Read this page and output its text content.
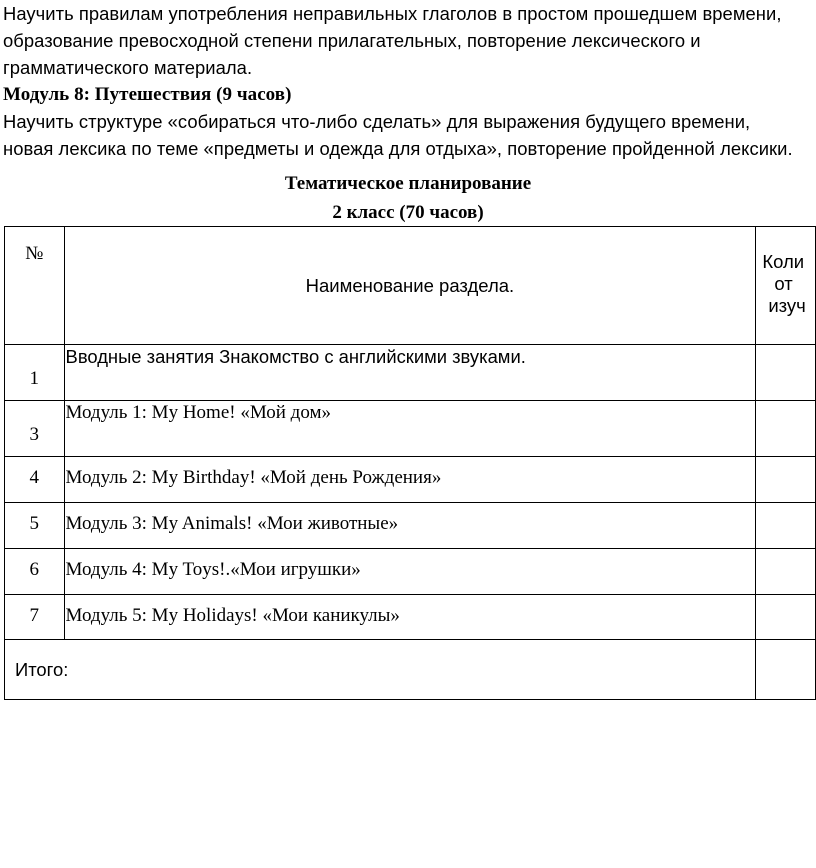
Научить правилам употребления неправильных глаголов в простом прошедшем времени,

образование превосходной степени прилагательных, повторение лексического и

грамматического материала.

Модуль 8: Путешествия (9 часов)

Научить структуре «собираться что-либо сделать» для выражения будущего времени,

новая лексика по теме «предметы и одежда для отдыха», повторение пройденной лексики.

Тематическое планирование
2 класс (70 часов)
№	Наименование раздела.	Коли
от
изуч

1	Вводные занятия Знакомство с английскими звуками.	
3	Модуль 1: My Home! «Мой дом»	
4	Модуль 2: My Birthday! «Мой день Рождения»	
5	Модуль 3: My Animals! «Мои животные»	
6	Модуль 4: My Toys!.«Мои игрушки»	
7	Модуль 5: My Holidays! «Мои каникулы»	
Итого:		
